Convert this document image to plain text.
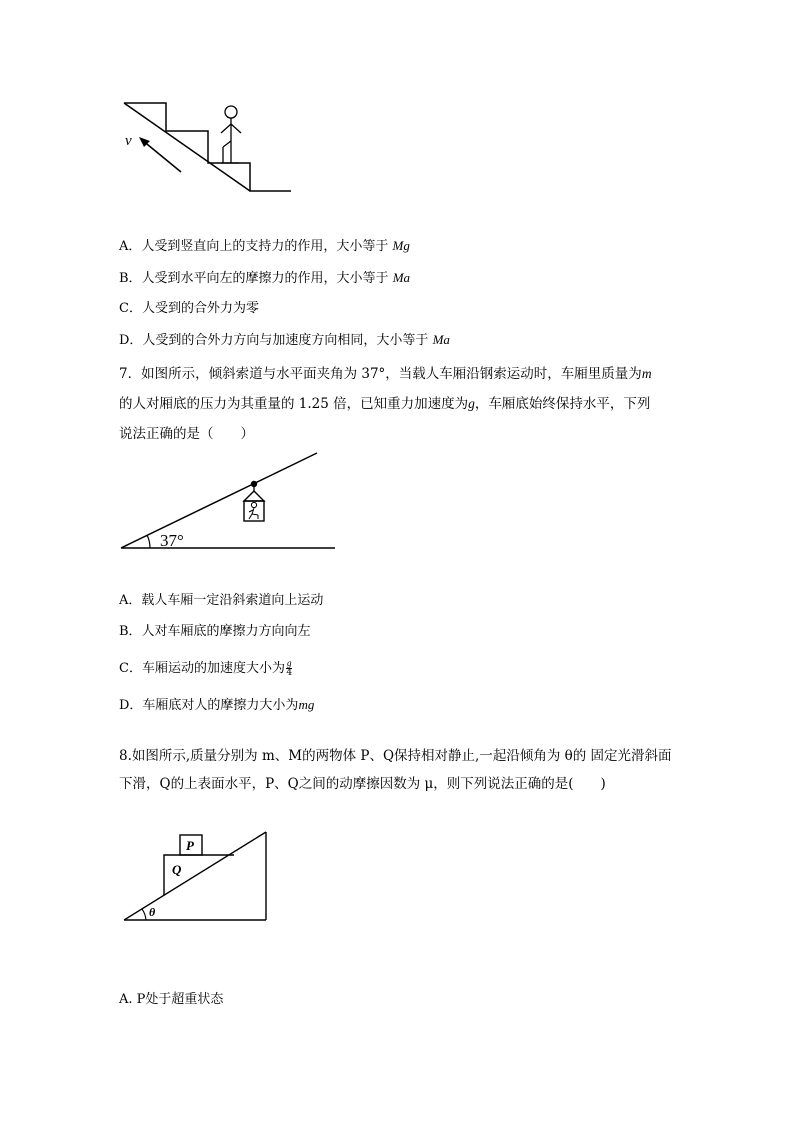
v
A．人受到竖直向上的支持力的作用，大小等于 Mg
B．人受到水平向左的摩擦力的作用，大小等于 Ma
C．人受到的合外力为零
D．人受到的合外力方向与加速度方向相同，大小等于 Ma
7．如图所示，倾斜索道与水平面夹角为 37°，当载人车厢沿钢索运动时，车厢里质量为m
的人对厢底的压力为其重量的 1.25 倍，已知重力加速度为g，车厢底始终保持水平，下列
说法正确的是（　　）
37°
A．载人车厢一定沿斜索道向上运动
B．人对车厢底的摩擦力方向向左
C．车厢运动的加速度大小为 $\frac{g}{4}$
D．车厢底对人的摩擦力大小为mg
8.如图所示,质量分别为 m、M的两物体 P、Q保持相对静止,一起沿倾角为 θ的 固定光滑斜面
下滑，Q的上表面水平，P、Q之间的动摩擦因数为 μ，则下列说法正确的是(　　)
P
Q
θ
A. P处于超重状态
